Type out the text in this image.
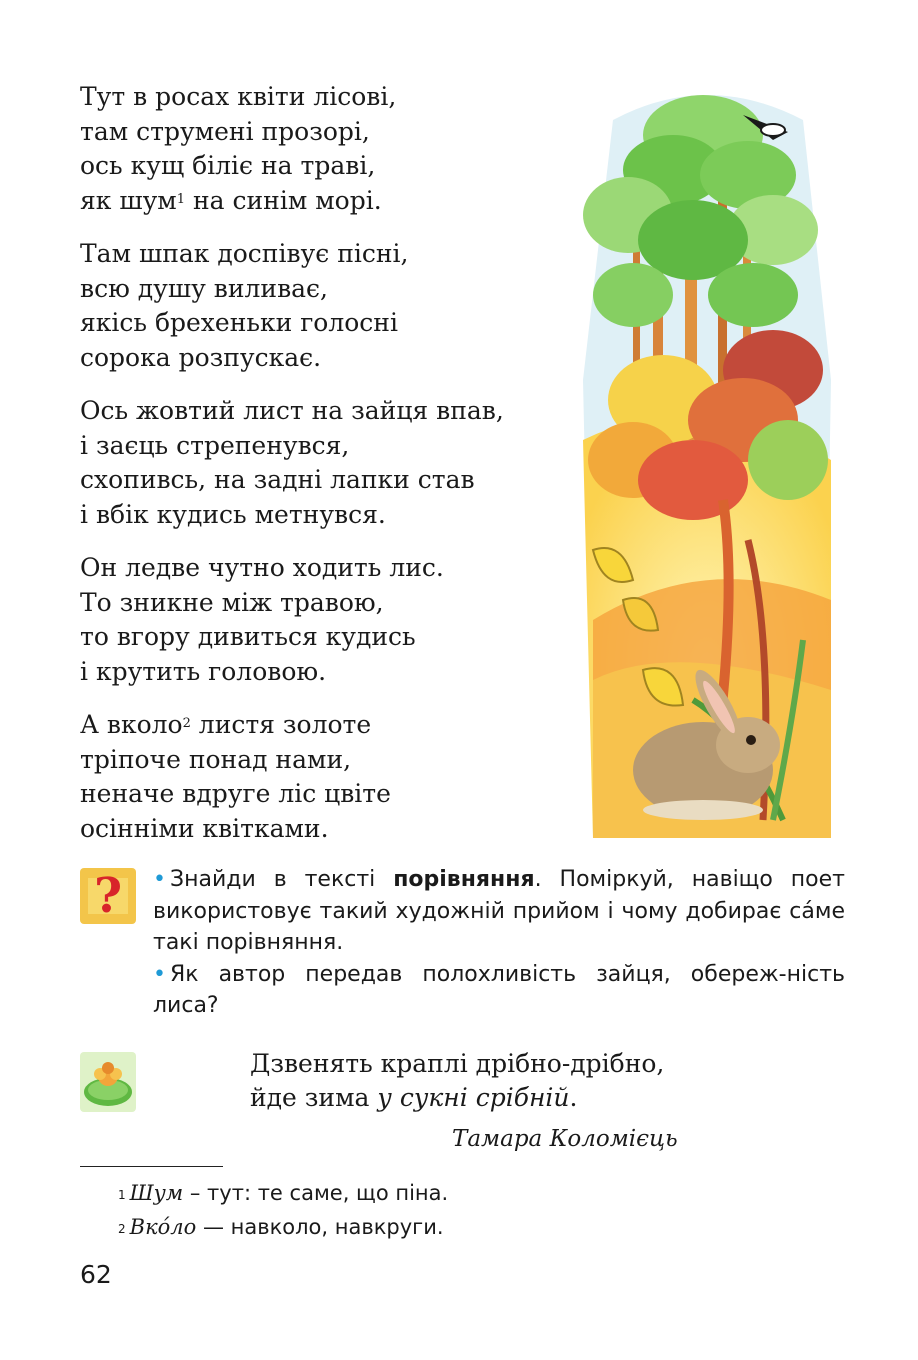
Тут в росах квіти лісові,
там струмені прозорі,
ось кущ біліє на траві,
як шум$^1$ на синім морі.
Там шпак доспівує пісні,
всю душу виливає,
якісь брехеньки голосні
сорока розпускає.
Ось жовтий лист на зайця впав,
і заєць стрепенувся,
схопивсь, на задні лапки став
і вбік кудись метнувся.
Он ледве чутно ходить лис.
То зникне між травою,
то вгору дивиться кудись
і крутить головою.
А вколо$^2$ листя золоте
тріпоче понад нами,
неначе вдруге ліс цвіте
осінніми квітками.
? • Знайди в тексті порівняння. Поміркуй, навіщо поет використовує такий художній прийом і чому добирає са́ме такі порівняння.

• Як автор передав полохливість зайця, обереж-ність лиса?

Дзвенять краплі дрібно-дрібно,
йде зима у сукні срібній.
Тамара Коломієць
$^1$ Шум – тут: те саме, що піна.
$^2$ Вко́ло — навколо, навкруги.
62
